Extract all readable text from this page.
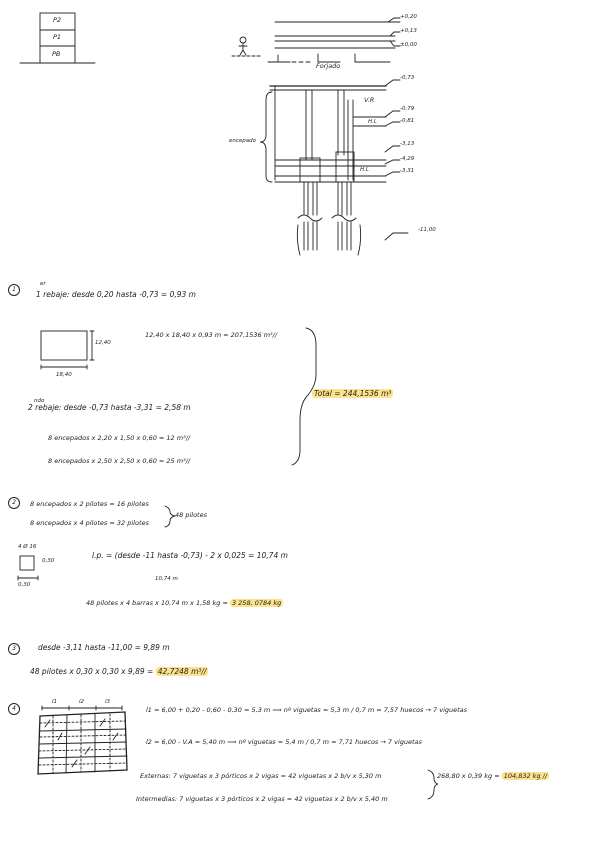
P2
P1
PB
+0,20
+0,13
±0,00
-0,73
-0,79
-0,81
-3,13
-4,29
-3,31
-11,00
Forjado
V.R
H.L
H.L
encepado
1
er
1 rebaje: desde 0,20 hasta -0,73 = 0,93 m
12,40
18,40
12,40 x 18,40 x 0,93 m = 207,1536 m³//
ndo
2 rebaje: desde -0,73 hasta -3,31 = 2,58 m
8 encepados x 2,20 x 1,50 x 0,60 = 12 m³//
8 encepados x 2,50 x 2,50 x 0,60 = 25 m³//
Total = 244,1536 m³
2	8 encepados x 2 pilotes = 16 pilotes
8 encepados x 4 pilotes = 32 pilotes
48 pilotes
4 Ø 16
0,30
0,30
l.p. = (desde -11 hasta -0,73) - 2 x 0,025 = 10,74 m
10,74 m
48 pilotes x 4 barras x 10,74 m x 1,58 kg = 3 258, 0784 kg
3	desde -3,11 hasta -11,00 = 9,89 m
48 pilotes x 0,30 x 0,30 x 9,89 = 42,7248 m³//
4
l1	l2	l3
l1 = 6,00 + 0,20 - 0,60 - 0,30 = 5,3 m ⟹ nº viguetas = 5,3 m / 0,7 m = 7,57 huecos → 7 viguetas
l2 = 6,00 - V.A = 5,40 m ⟹ nº viguetas = 5,4 m / 0,7 m = 7,71 huecos → 7 viguetas
Externas: 7 viguetas x 3 pórticos x 2 vigas = 42 viguetas x 2 b/v x 5,30 m
Intermedias: 7 viguetas x 3 pórticos x 2 vigas = 42 viguetas x 2 b/v x 5,40 m
268,80 x 0,39 kg = 104,832 kg //
